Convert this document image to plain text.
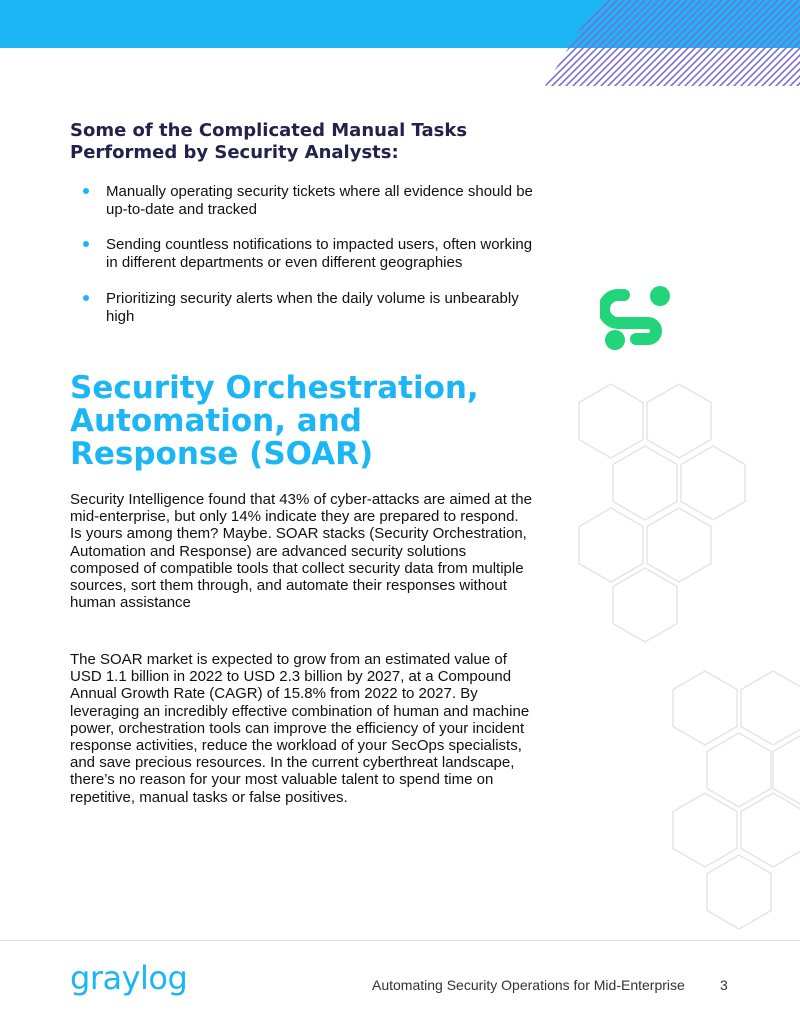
Some of the Complicated Manual Tasks Performed by Security Analysts:
Manually operating security tickets where all evidence should be up-to-date and tracked
Sending countless notifications to impacted users, often working in different departments or even different geographies
Prioritizing security alerts when the daily volume is unbearably high
Security Orchestration, Automation, and Response (SOAR)

Security Intelligence found that 43% of cyber-attacks are aimed at the mid-enterprise, but only 14% indicate they are prepared to respond. Is yours among them? Maybe. SOAR stacks (Security Orchestration, Automation and Response) are advanced security solutions composed of compatible tools that collect security data from multiple sources, sort them through, and automate their responses without human assistance

The SOAR market is expected to grow from an estimated value of USD 1.1 billion in 2022 to USD 2.3 billion by 2027, at a Compound Annual Growth Rate (CAGR) of 15.8% from 2022 to 2027. By leveraging an incredibly effective combination of human and machine power, orchestration tools can improve the efficiency of your incident response activities, reduce the workload of your SecOps specialists, and save precious resources. In the current cyberthreat landscape, there’s no reason for your most valuable talent to spend time on repetitive, manual tasks or false positives.

graylog	Automating Security Operations for Mid-Enterprise	3
